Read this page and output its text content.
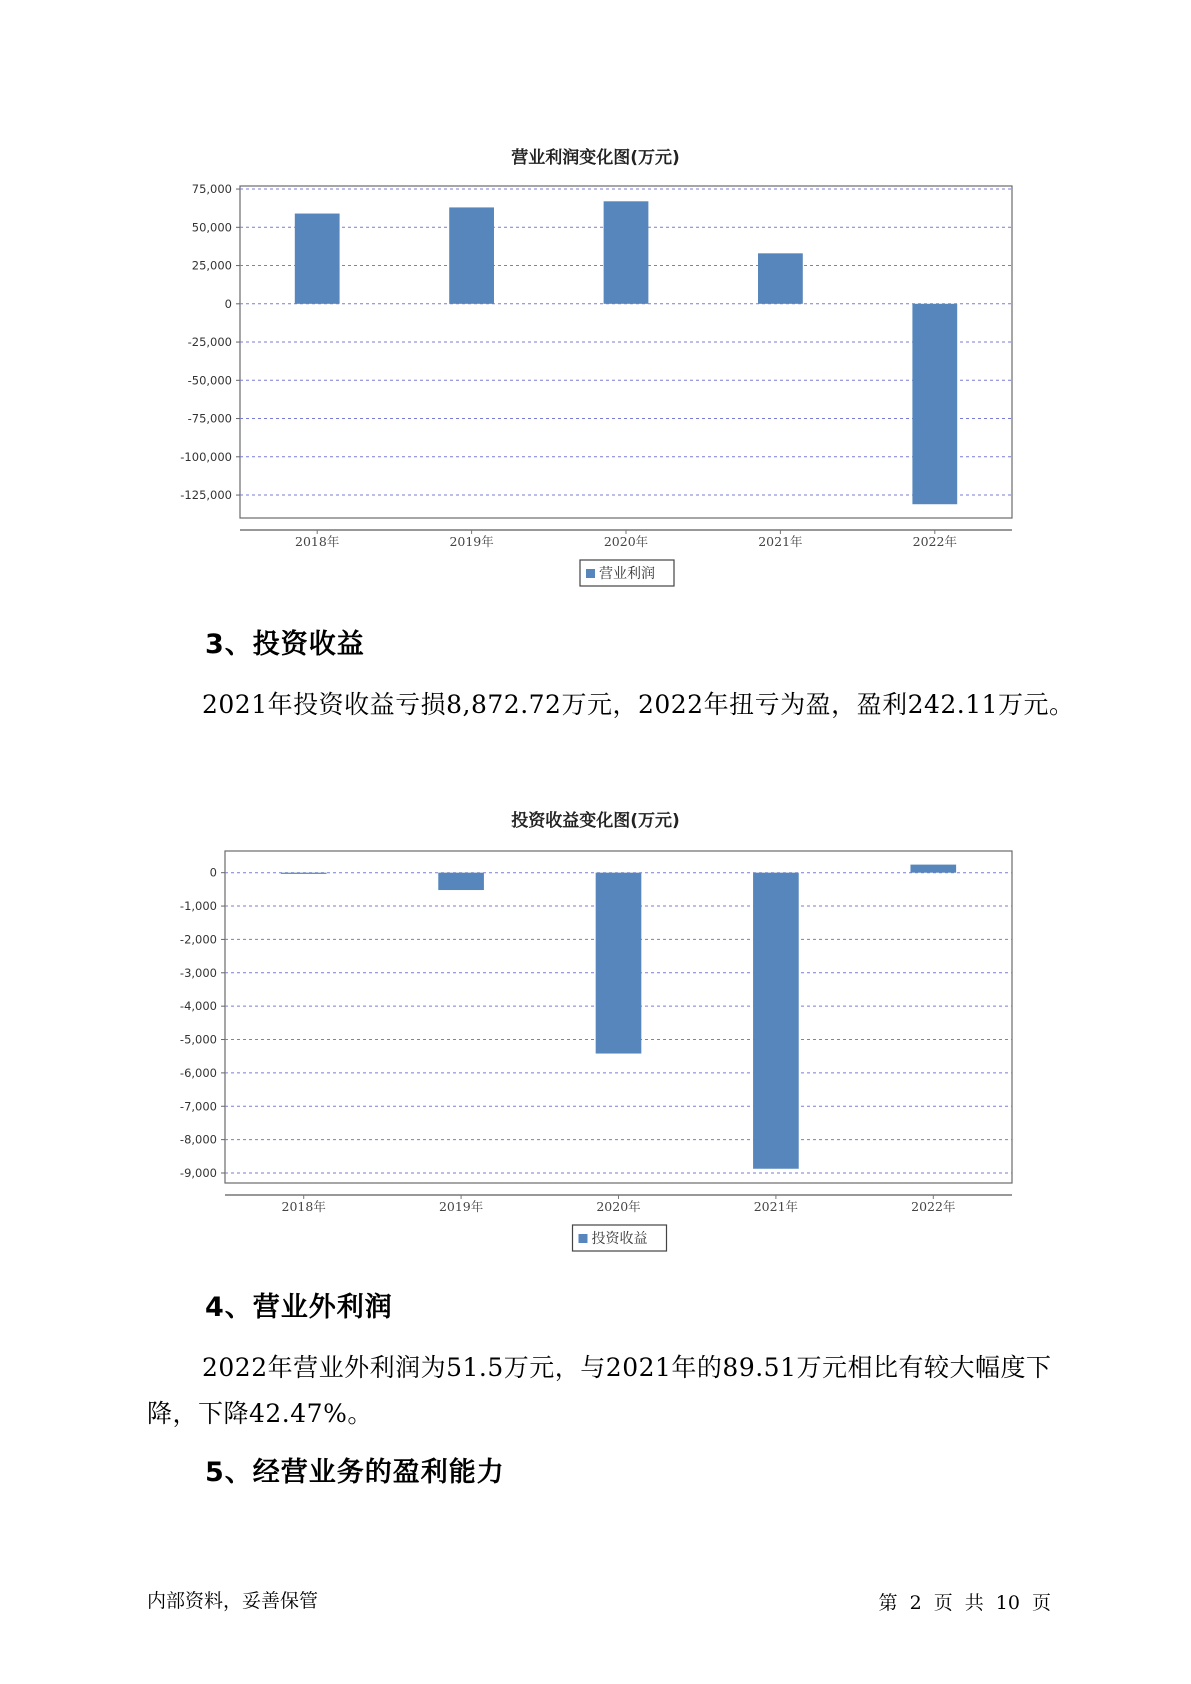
营业利润变化图(万元)
75,000
50,000
25,000
0
-25,000
-50,000
-75,000
-100,000
-125,000
2018年	2019年	2020年	2021年	2022年
营业利润
3、投资收益
2021年投资收益亏损8,872.72万元，2022年扭亏为盈，盈利242.11万元。
投资收益变化图(万元)
0
-1,000
-2,000
-3,000
-4,000
-5,000
-6,000
-7,000
-8,000
-9,000
2018年	2019年	2020年	2021年	2022年
投资收益
4、营业外利润
2022年营业外利润为51.5万元，与2021年的89.51万元相比有较大幅度下降，下降42.47%。
5、经营业务的盈利能力
内部资料，妥善保管	第 2 页 共 10 页
